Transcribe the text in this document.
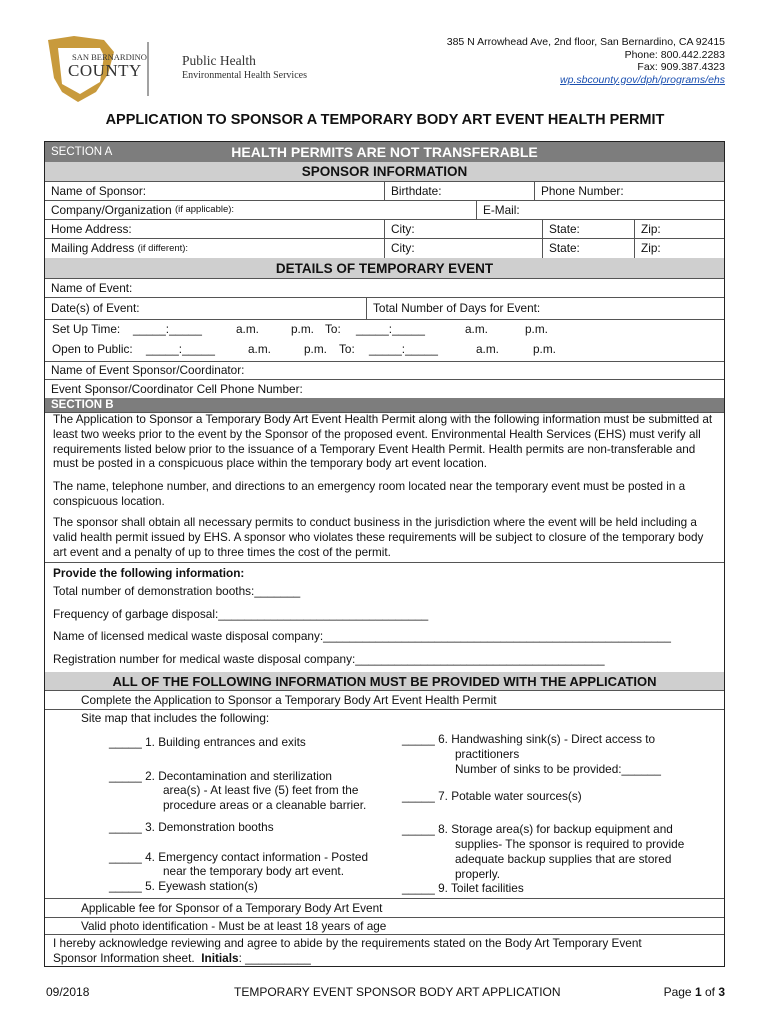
SAN BERNARDINO
COUNTY
Public Health
Environmental Health Services
385 N Arrowhead Ave, 2nd floor, San Bernardino, CA 92415
Phone: 800.442.2283
Fax: 909.387.4323
wp.sbcounty.gov/dph/programs/ehs
APPLICATION TO SPONSOR A TEMPORARY BODY ART EVENT HEALTH PERMIT
SECTION A	HEALTH PERMITS ARE NOT TRANSFERABLE
SPONSOR INFORMATION
Name of Sponsor:	Birthdate:	Phone Number:
Company/Organization
(if applicable):	E-Mail:
Home Address:	City:	State:	Zip:
Mailing Address
(if different):	City:	State:	Zip:
DETAILS OF TEMPORARY EVENT
Name of Event:
Date(s) of Event:	Total Number of Days for Event:
Set Up Time: _____:_____	a.m.	p.m. To: _____:_____	a.m.	p.m.
Open to Public: _____:_____	a.m.	p.m. To: _____:_____	a.m.	p.m.
Name of Event Sponsor/Coordinator:
Event Sponsor/Coordinator Cell Phone Number:
SECTION B
The Application to Sponsor a Temporary Body Art Event Health Permit along with the following information must be submitted at least two weeks prior to the event by the Sponsor of the proposed event. Environmental Health Services (EHS) must verify all requirements listed below prior to the issuance of a Temporary Event Health Permit. Health permits are non-transferable and must be posted in a conspicuous place within the temporary body art event location.
The name, telephone number, and directions to an emergency room located near the temporary event must be posted in a conspicuous location.
The sponsor shall obtain all necessary permits to conduct business in the jurisdiction where the event will be held including a valid health permit issued by EHS. A sponsor who violates these requirements will be subject to closure of the temporary body art event and a penalty of up to three times the cost of the permit.
Provide the following information:
Total number of demonstration booths:_______
Frequency of garbage disposal:________________________________
Name of licensed medical waste disposal company:_____________________________________________________
Registration number for medical waste disposal company:______________________________________
ALL OF THE FOLLOWING INFORMATION MUST BE PROVIDED WITH THE APPLICATION
Complete the Application to Sponsor a Temporary Body Art Event Health Permit
Site map that includes the following:
_____ 1. Building entrances and exits
_____ 2. Decontamination and sterilization
area(s) - At least five (5) feet from the
procedure areas or a cleanable barrier.
_____ 3. Demonstration booths
_____ 4. Emergency contact information - Posted
near the temporary body art event.
_____ 5. Eyewash station(s)
_____ 6. Handwashing sink(s) - Direct access to
practitioners
Number of sinks to be provided:______
_____ 7. Potable water sources(s)
_____ 8. Storage area(s) for backup equipment and
supplies- The sponsor is required to provide
adequate backup supplies that are stored
properly.
_____ 9. Toilet facilities
Applicable fee for Sponsor of a Temporary Body Art Event
Valid photo identification - Must be at least 18 years of age
I hereby acknowledge reviewing and agree to abide by the requirements stated on the Body Art Temporary Event
Sponsor Information sheet. Initials: __________
09/2018	TEMPORARY EVENT SPONSOR BODY ART APPLICATION	Page 1 of 3
